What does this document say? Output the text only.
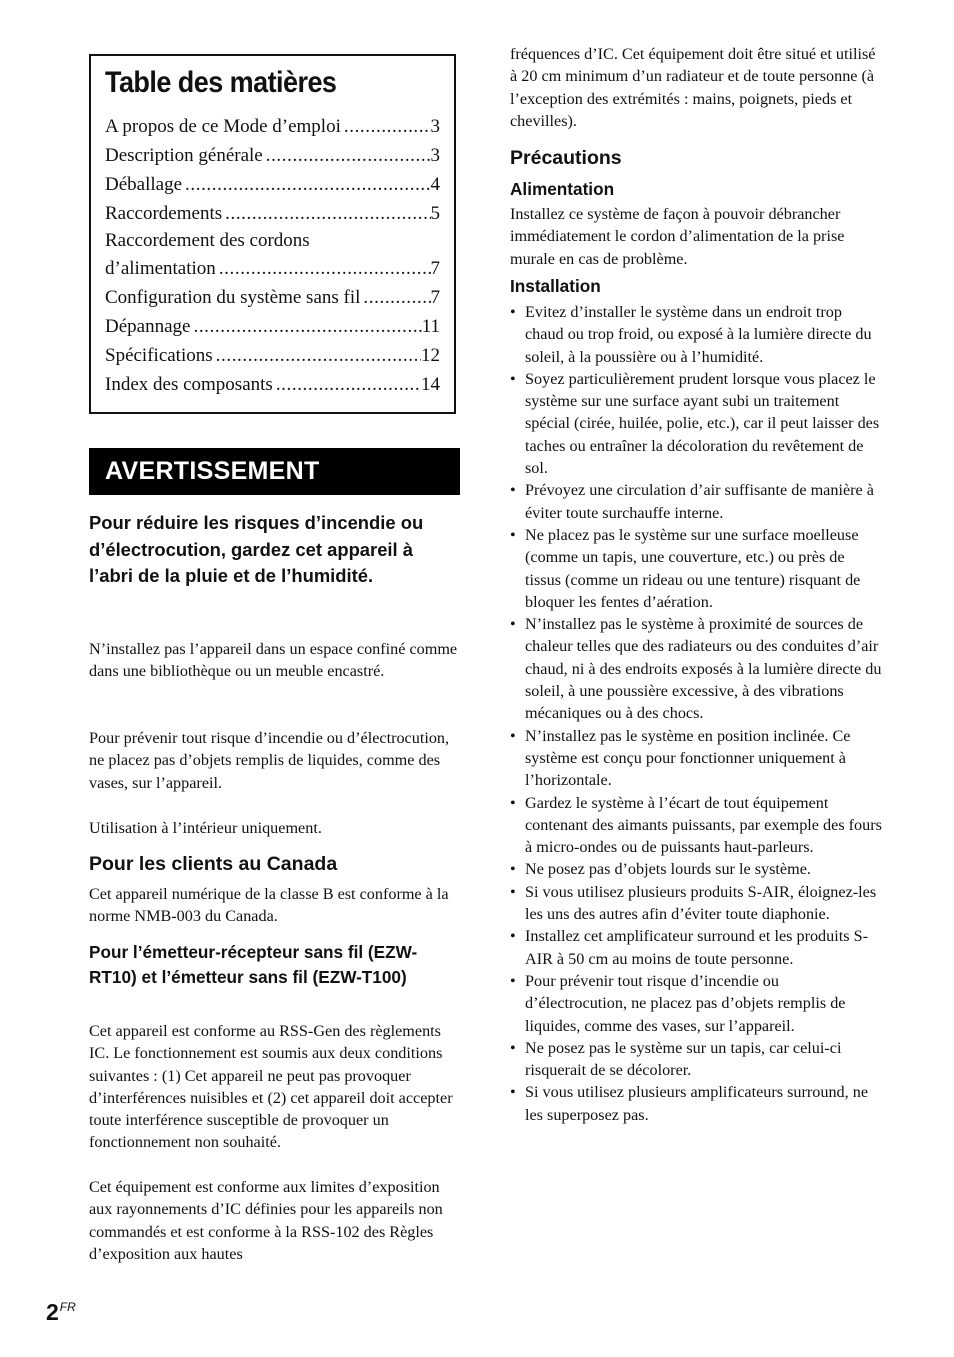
Table des matières
A propos de ce Mode d’emploi .....	3
Description générale .....	3
Déballage .....	4
Raccordements .....	5
Raccordement des cordons
d’alimentation .....	7
Configuration du système sans fil .....	7
Dépannage .....	11
Spécifications .....	12
Index des composants .....	14
AVERTISSEMENT

Pour réduire les risques d’incendie ou d’électrocution, gardez cet appareil à l’abri de la pluie et de l’humidité.

N’installez pas l’appareil dans un espace confiné comme dans une bibliothèque ou un meuble encastré.

Pour prévenir tout risque d’incendie ou d’électrocution, ne placez pas d’objets remplis de liquides, comme des vases, sur l’appareil.

Utilisation à l’intérieur uniquement.

Pour les clients au Canada

Cet appareil numérique de la classe B est conforme à la norme NMB-003 du Canada.

Pour l’émetteur-récepteur sans fil (EZW-RT10) et l’émetteur sans fil (EZW-T100)

Cet appareil est conforme au RSS-Gen des règlements IC. Le fonctionnement est soumis aux deux conditions suivantes : (1) Cet appareil ne peut pas provoquer d’interférences nuisibles et (2) cet appareil doit accepter toute interférence susceptible de provoquer un fonctionnement non souhaité.

Cet équipement est conforme aux limites d’exposition aux rayonnements d’IC définies pour les appareils non commandés et est conforme à la RSS-102 des Règles d’exposition aux hautes

fréquences d’IC. Cet équipement doit être situé et utilisé à 20 cm minimum d’un radiateur et de toute personne (à l’exception des extrémités : mains, poignets, pieds et chevilles).

Précautions
Alimentation

Installez ce système de façon à pouvoir débrancher immédiatement le cordon d’alimentation de la prise murale en cas de problème.

Installation
• Evitez d’installer le système dans un endroit trop chaud ou trop froid, ou exposé à la lumière directe du soleil, à la poussière ou à l’humidité.
• Soyez particulièrement prudent lorsque vous placez le système sur une surface ayant subi un traitement spécial (cirée, huilée, polie, etc.), car il peut laisser des taches ou entraîner la décoloration du revêtement de sol.
• Prévoyez une circulation d’air suffisante de manière à éviter toute surchauffe interne.
• Ne placez pas le système sur une surface moelleuse (comme un tapis, une couverture, etc.) ou près de tissus (comme un rideau ou une tenture) risquant de bloquer les fentes d’aération.
• N’installez pas le système à proximité de sources de chaleur telles que des radiateurs ou des conduites d’air chaud, ni à des endroits exposés à la lumière directe du soleil, à une poussière excessive, à des vibrations mécaniques ou à des chocs.
• N’installez pas le système en position inclinée. Ce système est conçu pour fonctionner uniquement à l’horizontale.
• Gardez le système à l’écart de tout équipement contenant des aimants puissants, par exemple des fours à micro-ondes ou de puissants haut-parleurs.
• Ne posez pas d’objets lourds sur le système.
• Si vous utilisez plusieurs produits S-AIR, éloignez-les les uns des autres afin d’éviter toute diaphonie.
• Installez cet amplificateur surround et les produits S-AIR à 50 cm au moins de toute personne.
• Pour prévenir tout risque d’incendie ou d’électrocution, ne placez pas d’objets remplis de liquides, comme des vases, sur l’appareil.
• Ne posez pas le système sur un tapis, car celui-ci risquerait de se décolorer.
• Si vous utilisez plusieurs amplificateurs surround, ne les superposez pas.
$2^{FR}$
